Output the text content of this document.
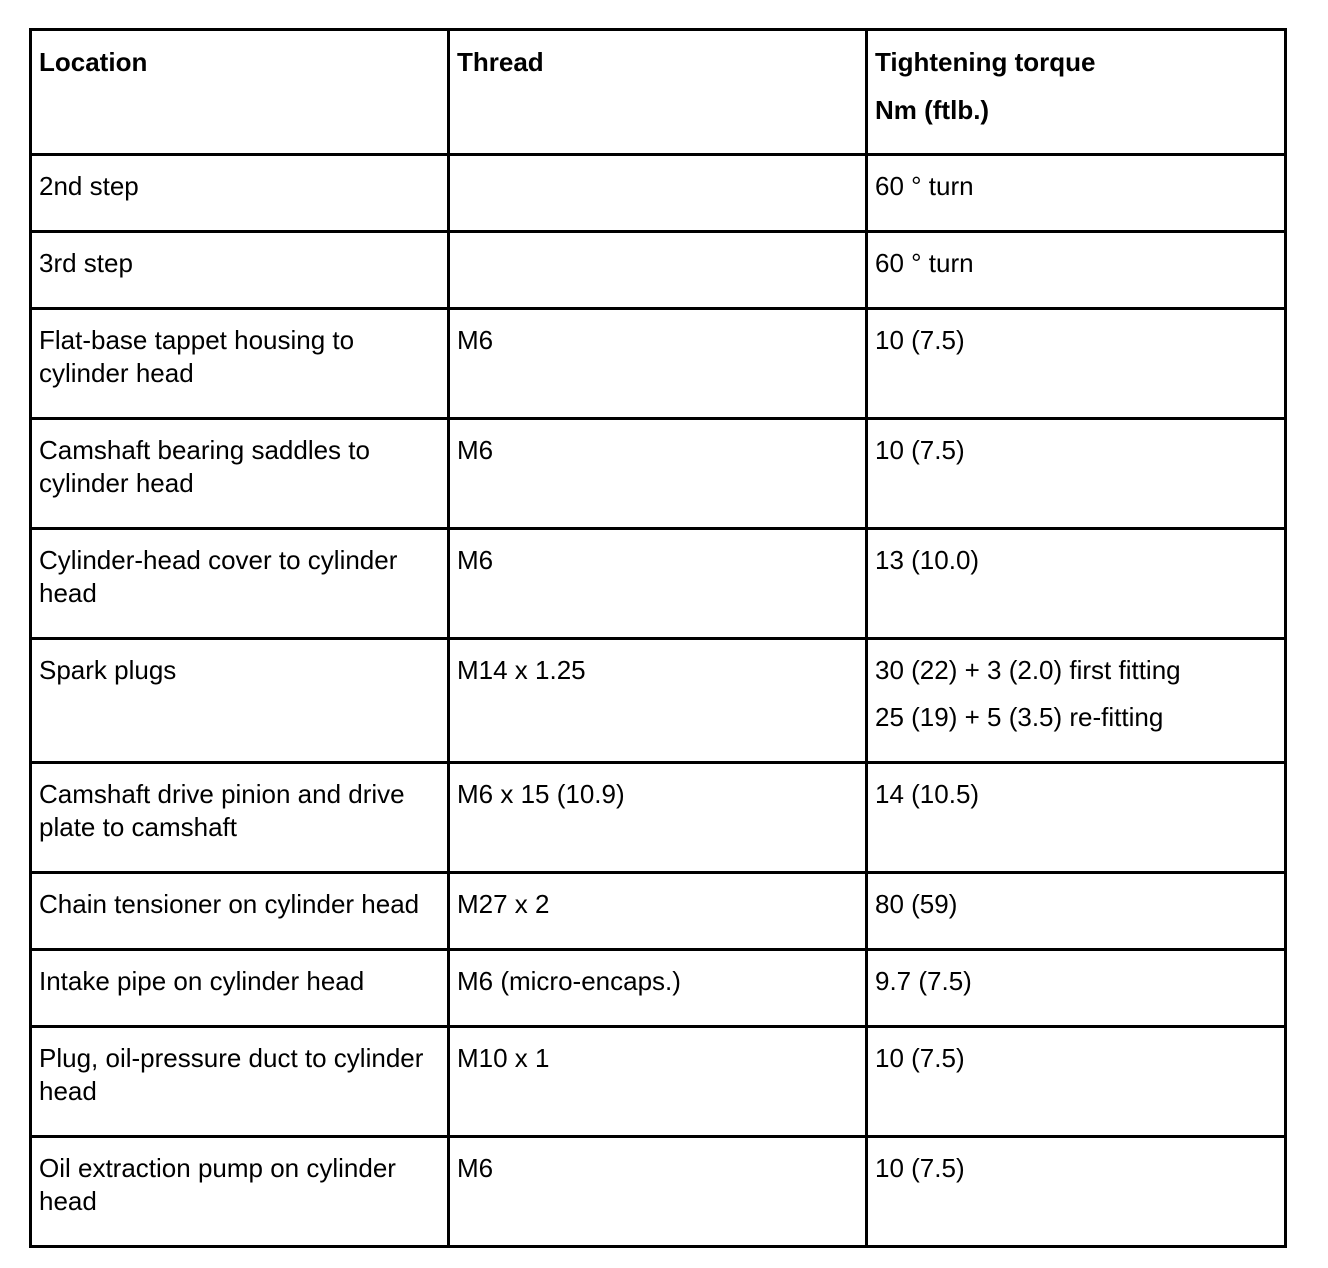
Location	Thread	Tightening torque
Nm (ftlb.)

2nd step		60 ° turn
3rd step		60 ° turn
Flat-base tappet housing to cylinder head	M6	10 (7.5)
Camshaft bearing saddles to cylinder head	M6	10 (7.5)
Cylinder-head cover to cylinder head	M6	13 (10.0)
Spark plugs	M14 x 1.25	30 (22) + 3 (2.0) first fitting
25 (19) + 5 (3.5) re-fitting

Camshaft drive pinion and drive plate to camshaft	M6 x 15 (10.9)	14 (10.5)
Chain tensioner on cylinder head	M27 x 2	80 (59)
Intake pipe on cylinder head	M6 (micro-encaps.)	9.7 (7.5)
Plug, oil-pressure duct to cylinder head	M10 x 1	10 (7.5)
Oil extraction pump on cylinder head	M6	10 (7.5)
